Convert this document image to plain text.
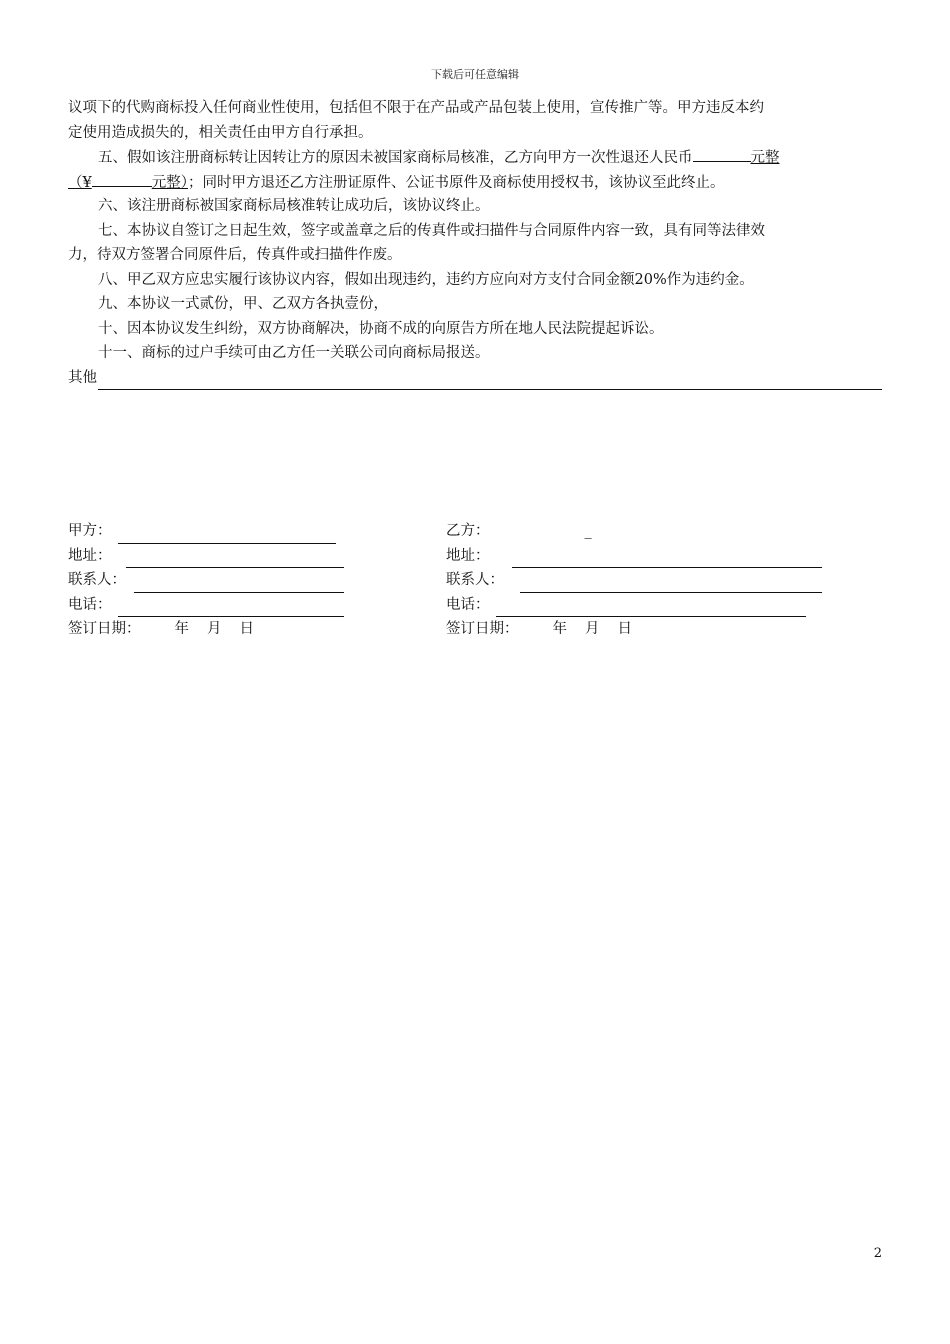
下载后可任意编辑
议项下的代购商标投入任何商业性使用，包括但不限于在产品或产品包装上使用，宣传推广等。甲方违反本约
定使用造成损失的，相关责任由甲方自行承担。
五、假如该注册商标转让因转让方的原因未被国家商标局核准，乙方向甲方一次性退还人民币	元整
（¥	元整）；同时甲方退还乙方注册证原件、公证书原件及商标使用授权书，该协议至此终止。
六、该注册商标被国家商标局核准转让成功后，该协议终止。
七、本协议自签订之日起生效，签字或盖章之后的传真件或扫描件与合同原件内容一致，具有同等法律效
力，待双方签署合同原件后，传真件或扫描件作废。
八、甲乙双方应忠实履行该协议内容，假如出现违约，违约方应向对方支付合同金额20%作为违约金。
九、本协议一式贰份，甲、乙双方各执壹份，
十、因本协议发生纠纷，双方协商解决，协商不成的向原告方所在地人民法院提起诉讼。
十一、商标的过户手续可由乙方任一关联公司向商标局报送。
其他
甲方：
地址：
联系人：
电话：
签订日期： 年 月 日
乙方：	_
地址：
联系人：
电话：
签订日期： 年 月 日
2
